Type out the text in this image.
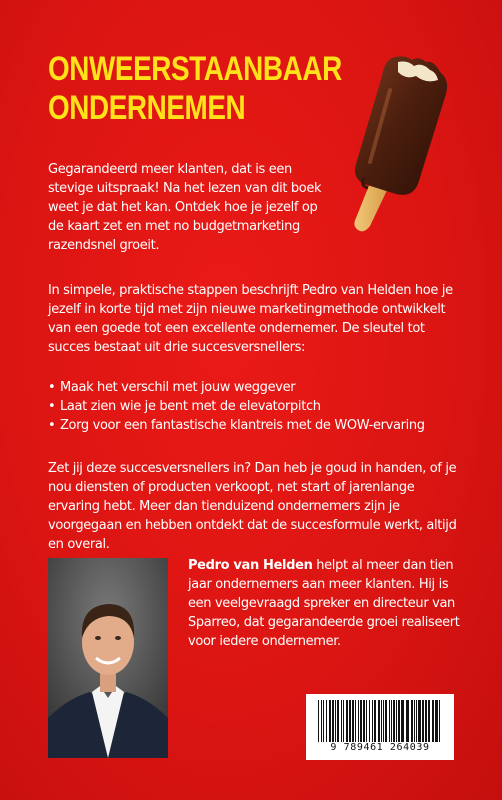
ONWEERSTAANBAAR
ONDERNEMEN

Gegarandeerd meer klanten, dat is een stevige uitspraak! Na het lezen van dit boek weet je dat het kan. Ontdek hoe je jezelf op de kaart zet en met no budgetmarketing razendsnel groeit.

In simpele, praktische stappen beschrijft Pedro van Helden hoe je jezelf in korte tijd met zijn nieuwe marketingmethode ontwikkelt van een goede tot een excellente ondernemer. De sleutel tot succes bestaat uit drie succesversnellers:

• Maak het verschil met jouw weggever
• Laat zien wie je bent met de elevatorpitch
• Zorg voor een fantastische klantreis met de WOW-ervaring

Zet jij deze succesversnellers in? Dan heb je goud in handen, of je nou diensten of producten verkoopt, net start of jarenlange ervaring hebt. Meer dan tienduizend ondernemers zijn je voorgegaan en hebben ontdekt dat de succesformule werkt, altijd en overal.

Pedro van Helden helpt al meer dan tien jaar ondernemers aan meer klanten. Hij is een veelgevraagd spreker en directeur van Sparreo, dat gegarandeerde groei realiseert voor iedere ondernemer.

9 789461 264039
